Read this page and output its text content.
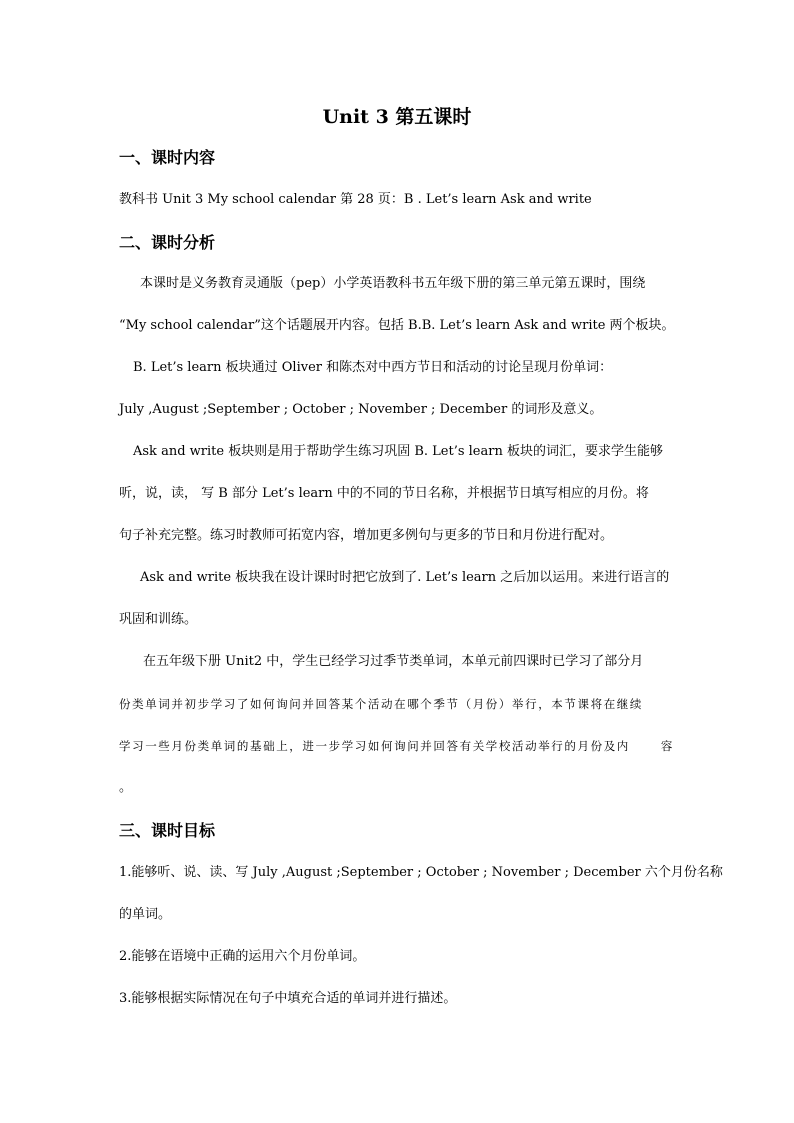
Unit 3 第五课时
一、课时内容
教科书 Unit 3 My school calendar 第 28 页：B . Let’s learn Ask and write
二、课时分析
本课时是义务教育灵通版（pep）小学英语教科书五年级下册的第三单元第五课时，围绕
“My school calendar”这个话题展开内容。包括 B.B. Let’s learn Ask and write 两个板块。
B. Let’s learn 板块通过 Oliver 和陈杰对中西方节日和活动的讨论呈现月份单词：
July ,August ;September ; October ; November ; December 的词形及意义。
Ask and write 板块则是用于帮助学生练习巩固 B. Let’s learn 板块的词汇，要求学生能够
听，说，读， 写 B 部分 Let’s learn 中的不同的节日名称，并根据节日填写相应的月份。将
句子补充完整。练习时教师可拓宽内容，增加更多例句与更多的节日和月份进行配对。
Ask and write 板块我在设计课时时把它放到了. Let’s learn 之后加以运用。来进行语言的
巩固和训练。
在五年级下册 Unit2 中，学生已经学习过季节类单词，本单元前四课时已学习了部分月
份类单词并初步学习了如何询问并回答某个活动在哪个季节（月份）举行，本节课将在继续
学习一些月份类单词的基础上，进一步学习如何询问并回答有关学校活动举行的月份及内	容
。
三、课时目标
1.能够听、说、读、写 July ,August ;September ; October ; November ; December 六个月份名称
的单词。
2.能够在语境中正确的运用六个月份单词。
3.能够根据实际情况在句子中填充合适的单词并进行描述。
